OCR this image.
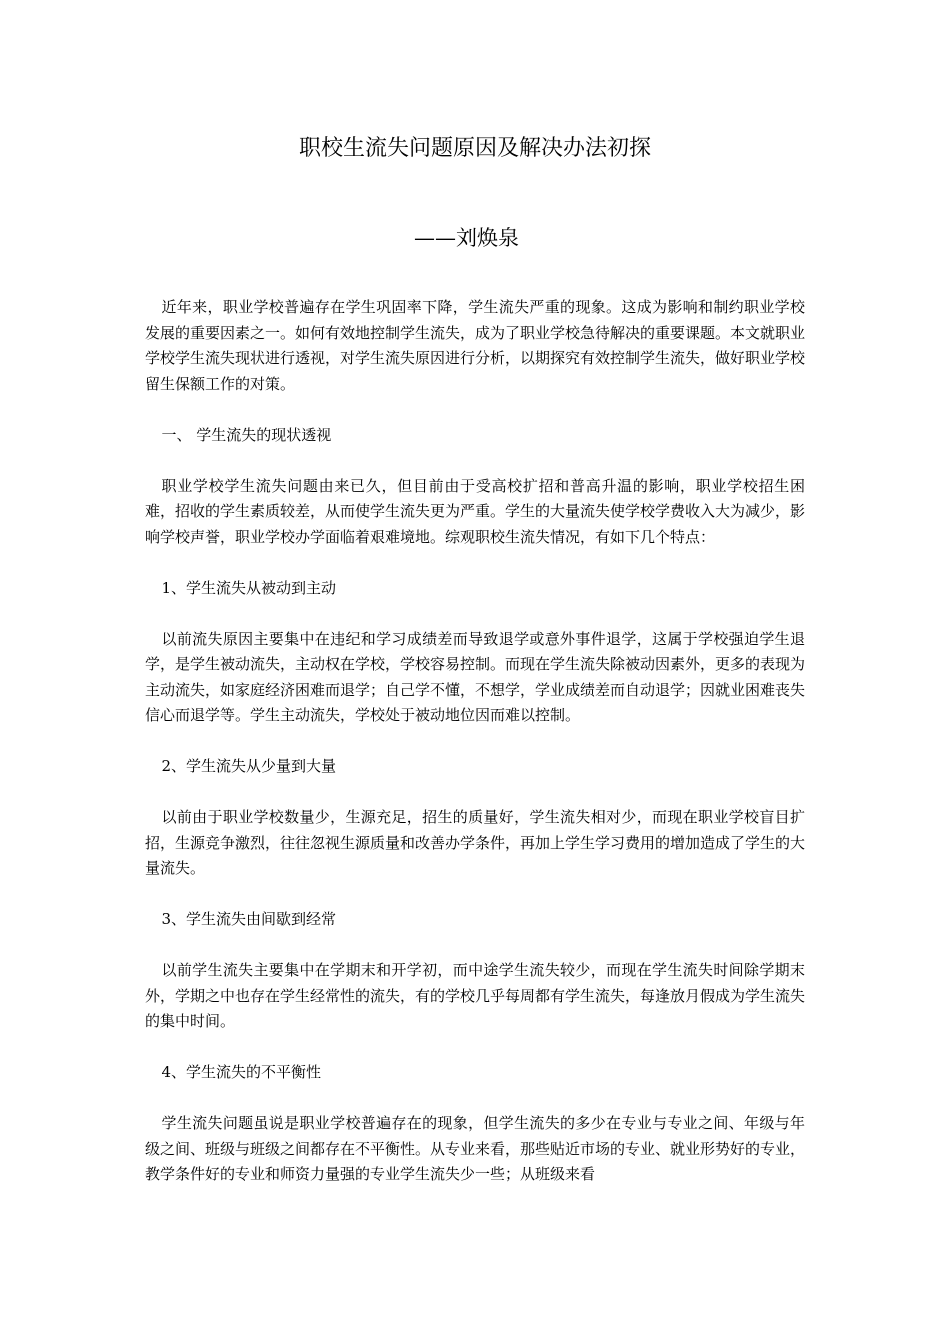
职校生流失问题原因及解决办法初探

——刘焕泉

近年来，职业学校普遍存在学生巩固率下降，学生流失严重的现象。这成为影响和制约职业学校发展的重要因素之一。如何有效地控制学生流失，成为了职业学校急待解决的重要课题。本文就职业学校学生流失现状进行透视，对学生流失原因进行分析，以期探究有效控制学生流失，做好职业学校留生保额工作的对策。

一、 学生流失的现状透视

职业学校学生流失问题由来已久，但目前由于受高校扩招和普高升温的影响，职业学校招生困难，招收的学生素质较差，从而使学生流失更为严重。学生的大量流失使学校学费收入大为减少，影响学校声誉，职业学校办学面临着艰难境地。综观职校生流失情况，有如下几个特点：

1、学生流失从被动到主动

以前流失原因主要集中在违纪和学习成绩差而导致退学或意外事件退学，这属于学校强迫学生退学，是学生被动流失，主动权在学校，学校容易控制。而现在学生流失除被动因素外，更多的表现为主动流失，如家庭经济困难而退学；自己学不懂，不想学，学业成绩差而自动退学；因就业困难丧失信心而退学等。学生主动流失，学校处于被动地位因而难以控制。

2、学生流失从少量到大量

以前由于职业学校数量少，生源充足，招生的质量好，学生流失相对少，而现在职业学校盲目扩招，生源竞争激烈，往往忽视生源质量和改善办学条件，再加上学生学习费用的增加造成了学生的大量流失。

3、学生流失由间歇到经常

以前学生流失主要集中在学期末和开学初，而中途学生流失较少，而现在学生流失时间除学期末外，学期之中也存在学生经常性的流失，有的学校几乎每周都有学生流失，每逢放月假成为学生流失的集中时间。

4、学生流失的不平衡性

学生流失问题虽说是职业学校普遍存在的现象，但学生流失的多少在专业与专业之间、年级与年级之间、班级与班级之间都存在不平衡性。从专业来看，那些贴近市场的专业、就业形势好的专业，教学条件好的专业和师资力量强的专业学生流失少一些；从班级来看
